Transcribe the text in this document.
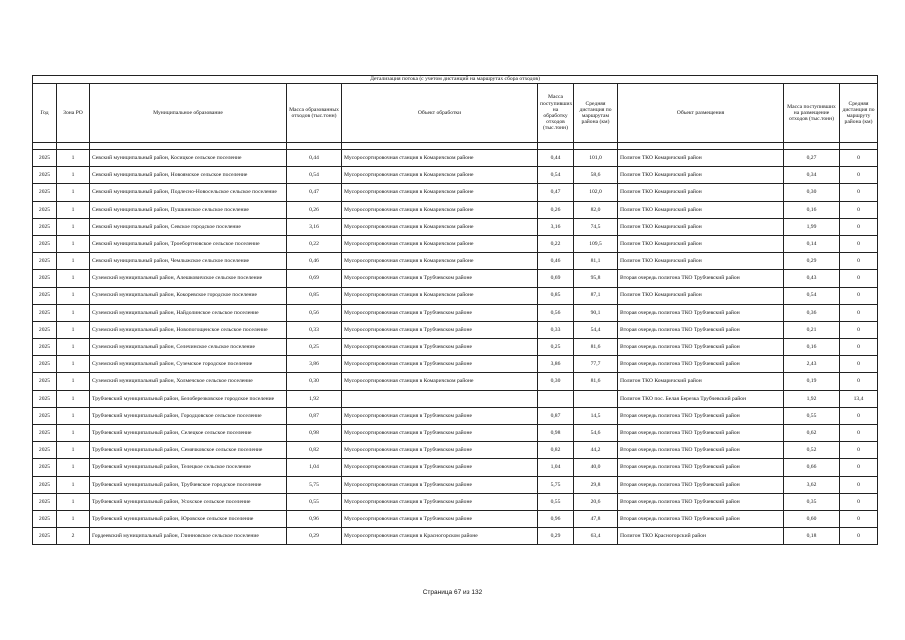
Детализация потока (с учетом дистанций на маршрутах сбора отходов)									
Год	Зона РО	Муниципальное образование	Масса образованных отходов (тыс.тонн)	Объект обработки	Масса поступивших на обработку отходов (тыс.тонн)	Средняя дистанция по маршрутам района (км)	Объект размещения	Масса поступивших на размещение отходов (тыс.тонн)	Средняя дистанция по маршруту района (км)

2025	1	Севский муниципальный район, Косицкое сельское поселение	0,44	Мусоросортировочная станция в Комаричском районе	0,44	101,0	Полигон ТКО Комаричский район	0,27	0
2025	1	Севский муниципальный район, Новоямское сельское поселение	0,54	Мусоросортировочная станция в Комаричском районе	0,54	58,6	Полигон ТКО Комаричский район	0,34	0
2025	1	Севский муниципальный район, Подлесно-Новосельское сельское поселение	0,47	Мусоросортировочная станция в Комаричском районе	0,47	102,0	Полигон ТКО Комаричский район	0,30	0
2025	1	Севский муниципальный район, Пушкинское сельское поселение	0,26	Мусоросортировочная станция в Комаричском районе	0,26	82,0	Полигон ТКО Комаричский район	0,16	0
2025	1	Севский муниципальный район, Севское городское поселение	3,16	Мусоросортировочная станция в Комаричском районе	3,16	74,5	Полигон ТКО Комаричский район	1,99	0
2025	1	Севский муниципальный район, Троебортновское сельское поселение	0,22	Мусоросортировочная станция в Комаричском районе	0,22	109,5	Полигон ТКО Комаричский район	0,14	0
2025	1	Севский муниципальный район, Чемлыжское сельское поселение	0,46	Мусоросортировочная станция в Комаричском районе	0,46	81,1	Полигон ТКО Комаричский район	0,29	0
2025	1	Суземский муниципальный район, Алешковичское сельское поселение	0,69	Мусоросортировочная станция в Трубчевском районе	0,69	95,8	Вторая очередь полигона ТКО Трубчевский район	0,43	0
2025	1	Суземский муниципальный район, Кокоревское городское поселение	0,85	Мусоросортировочная станция в Комаричском районе	0,85	87,1	Полигон ТКО Комаричский район	0,54	0
2025	1	Суземский муниципальный район, Найдолинское сельское поселение	0,56	Мусоросортировочная станция в Трубчевском районе	0,56	90,1	Вторая очередь полигона ТКО Трубчевский район	0,36	0
2025	1	Суземский муниципальный район, Новопогощенское сельское поселение	0,33	Мусоросортировочная станция в Трубчевском районе	0,33	54,4	Вторая очередь полигона ТКО Трубчевский район	0,21	0
2025	1	Суземский муниципальный район, Селечинское сельское поселение	0,25	Мусоросортировочная станция в Трубчевском районе	0,25	81,6	Вторая очередь полигона ТКО Трубчевский район	0,16	0
2025	1	Суземский муниципальный район, Суземское городское поселение	3,86	Мусоросортировочная станция в Трубчевском районе	3,86	77,7	Вторая очередь полигона ТКО Трубчевский район	2,43	0
2025	1	Суземский муниципальный район, Холмечское сельское поселение	0,30	Мусоросортировочная станция в Комаричском районе	0,30	81,6	Полигон ТКО Комаричский район	0,19	0
2025	1	Трубчевский муниципальный район, Белоберезковское городское поселение	1,92				Полигон ТКО пос. Белая Березка Трубчевский район	1,92	13,4
2025	1	Трубчевский муниципальный район, Городцовское сельское поселение	0,87	Мусоросортировочная станция в Трубчевском районе	0,87	14,5	Вторая очередь полигона ТКО Трубчевский район	0,55	0
2025	1	Трубчевский муниципальный район, Селецкое сельское поселение	0,98	Мусоросортировочная станция в Трубчевском районе	0,98	54,6	Вторая очередь полигона ТКО Трубчевский район	0,62	0
2025	1	Трубчевский муниципальный район, Семячковское сельское поселение	0,82	Мусоросортировочная станция в Трубчевском районе	0,82	44,2	Вторая очередь полигона ТКО Трубчевский район	0,52	0
2025	1	Трубчевский муниципальный район, Телецкое сельское поселение	1,04	Мусоросортировочная станция в Трубчевском районе	1,04	40,0	Вторая очередь полигона ТКО Трубчевский район	0,66	0
2025	1	Трубчевский муниципальный район, Трубчевское городское поселение	5,75	Мусоросортировочная станция в Трубчевском районе	5,75	29,8	Вторая очередь полигона ТКО Трубчевский район	3,62	0
2025	1	Трубчевский муниципальный район, Усохское сельское поселение	0,55	Мусоросортировочная станция в Трубчевском районе	0,55	20,6	Вторая очередь полигона ТКО Трубчевский район	0,35	0
2025	1	Трубчевский муниципальный район, Юровское сельское поселение	0,96	Мусоросортировочная станция в Трубчевском районе	0,96	47,8	Вторая очередь полигона ТКО Трубчевский район	0,60	0
2025	2	Гордеевский муниципальный район, Глинновское сельское поселение	0,29	Мусоросортировочная станция в Красногорском районе	0,29	63,4	Полигон ТКО Красногорский район	0,18	0
Страница 67 из 132
